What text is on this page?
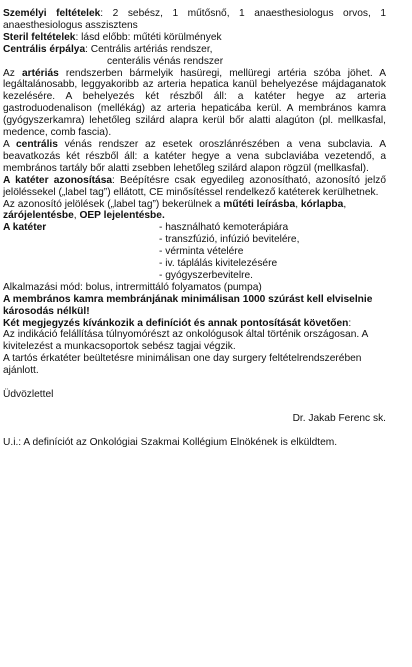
Személyi feltételek: 2 sebész, 1 műtősnő, 1 anaesthesiologus orvos, 1 anaesthesiologus asszisztens

Steril feltételek: lásd előbb: műtéti körülmények

Centrális érpálya : Centrális artériás rendszer,
centerális vénás rendszer

Az artériás rendszerben bármelyik hasüregi, mellüregi artéria szóba jöhet. A legáltalánosabb, leggyakoribb az arteria hepatica kanül behelyezése májdaganatok kezelésére. A behelyezés két részből áll: a katéter hegye az arteria gastroduodenalison (mellékág) az arteria hepaticába kerül. A membrános kamra (gyógyszerkamra) lehetőleg szilárd alapra kerül bőr alatti alagúton (pl. mellkasfal, medence, comb fascia).

A centrális vénás rendszer az esetek oroszlánrészében a vena subclavia. A beavatkozás két részből áll: a katéter hegye a vena subclaviába vezetendő, a membrános tartály bőr alatti zsebben lehetőleg szilárd alapon rögzül (mellkasfal).

A katéter azonosítása: Beépítésre csak egyedileg azonosítható, azonosító jelző jelöléssekel („label tag”) ellátott, CE minősítéssel rendelkező katéterek kerülhetnek.

Az azonosító jelölések („label tag”) bekerülnek a műtéti leírásba, kórlapba, zárójelentésbe, OEP lejelentésbe.

A katéter	- használható kemoterápiára
- transzfúzió, infúzió bevitelére,
- vérminta vételére
- iv. táplálás kivitelezésére
- gyógyszerbevitelre.

Alkalmazási mód: bolus, intrermittáló folyamatos (pumpa)

A membrános kamra membránjának minimálisan 1000 szúrást kell elviselnie károsodás nélkül!

Két megjegyzés kívánkozik a definíciót és annak pontosítását követően:

Az indikáció felállítása túlnyomórészt az onkológusok által történik országosan. A kivitelezést a munkacsoportok sebész tagjai végzik.

A tartós érkatéter beültetésre minimálisan one day surgery feltételrendszerében ajánlott.

Üdvözlettel

Dr. Jakab Ferenc sk.

U.i.: A definíciót az Onkológiai Szakmai Kollégium Elnökének is elküldtem.
